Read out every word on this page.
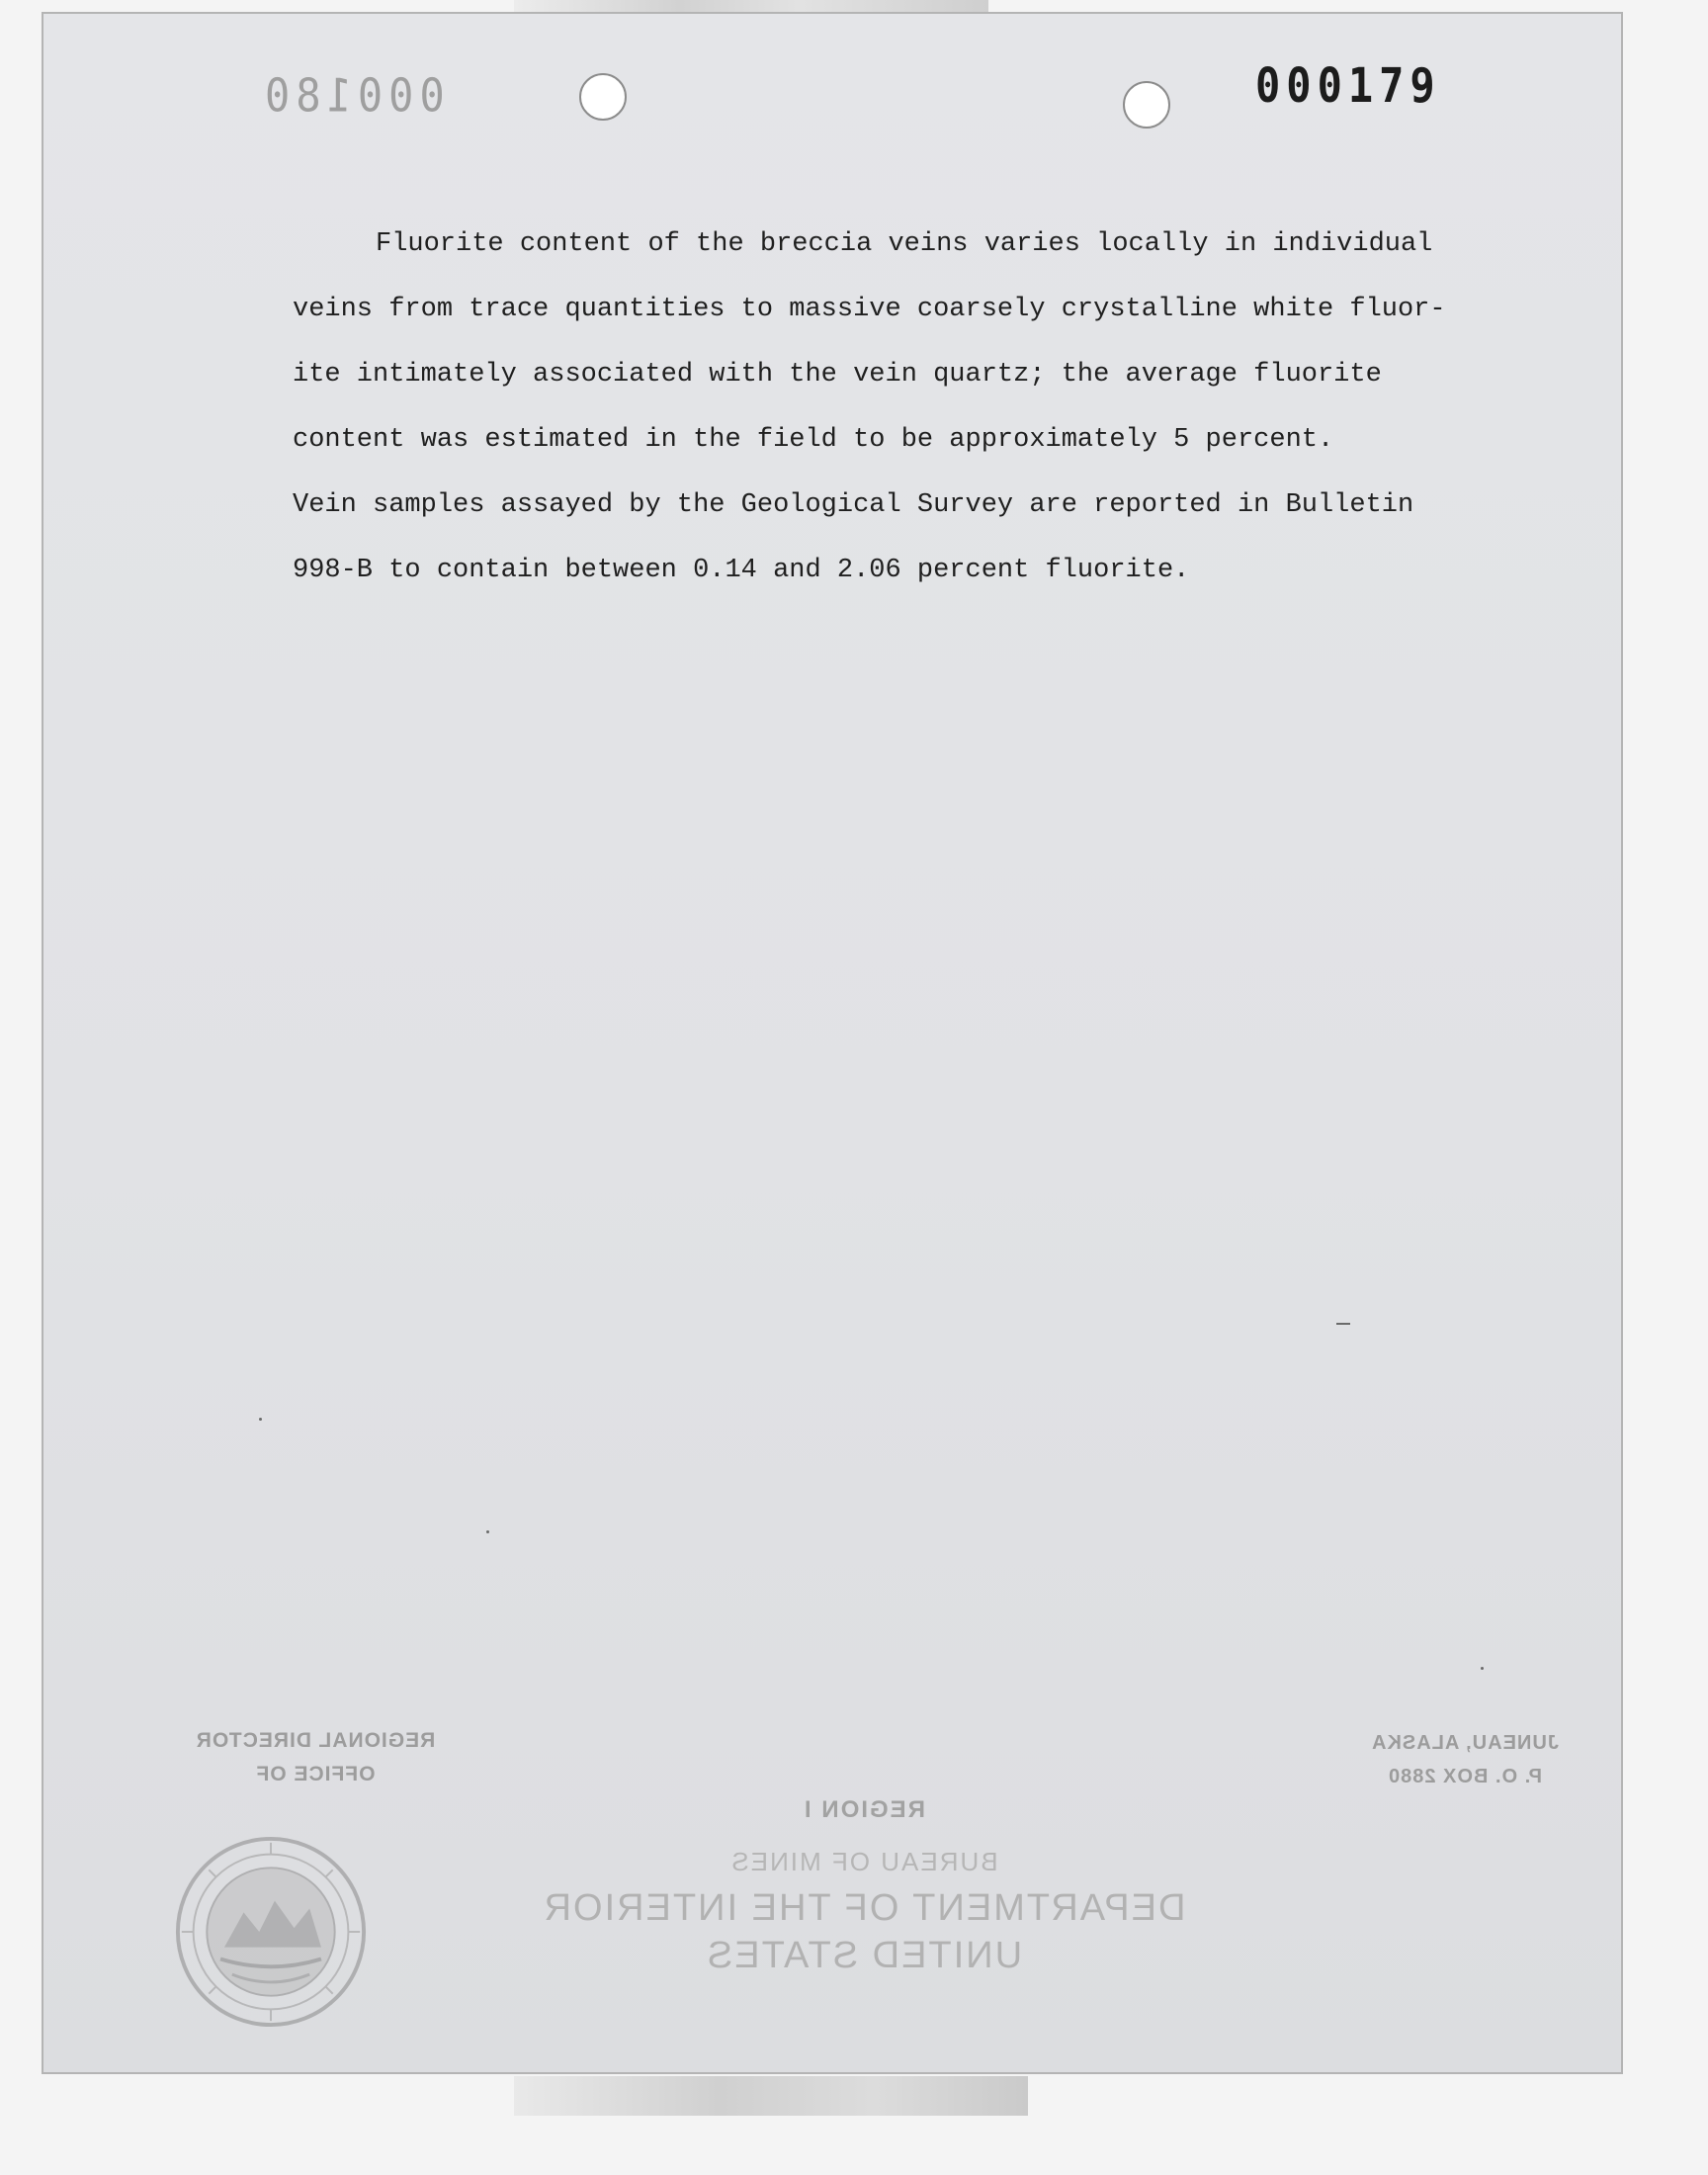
000180	000179
Fluorite content of the breccia veins varies locally in individual
veins from trace quantities to massive coarsely crystalline white fluor-
ite intimately associated with the vein quartz; the average fluorite
content was estimated in the field to be approximately 5 percent.
Vein samples assayed by the Geological Survey are reported in Bulletin
998-B to contain between 0.14 and 2.06 percent fluorite.
REGIONAL DIRECTOR
OFFICE OF
JUNEAU, ALASKA
P. O. BOX 2880
REGION I
BUREAU OF MINES
DEPARTMENT OF THE INTERIOR
UNITED STATES
